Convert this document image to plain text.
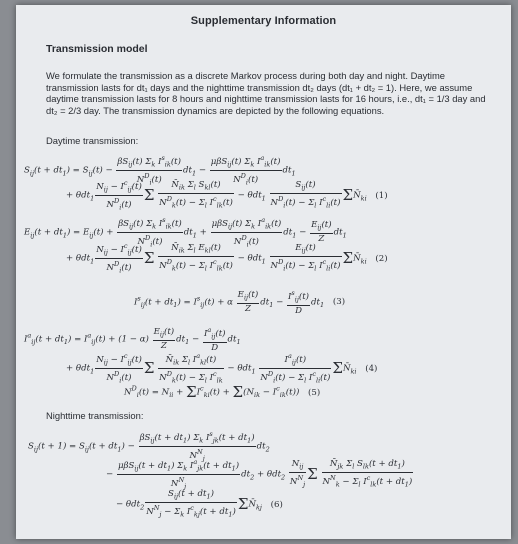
Supplementary Information
Transmission model
We formulate the transmission as a discrete Markov process during both day and night. Daytime transmission lasts for dt₁ days and the nighttime transmission dt₂ days (dt₁ + dt₂ = 1). Here, we assume daytime transmission lasts for 8 hours and nighttime transmission lasts for 16 hours, i.e., dt₁ = 1/3 day and dt₂ = 2/3 day. The transmission dynamics are depicted by the following equations.
Daytime transmission:
$S_{ij}(t + dt_1) = S_{ij}(t) - \frac{\beta S_{ij}(t) \Sigma_k I^s_{ik}(t)}{N^D_i(t)} dt_1 - \frac{\mu\beta S_{ij}(t) \Sigma_k I^a_{ik}(t)}{N^D_i(t)} dt_1$
+ $\theta dt_1 \frac{N_{ij} - I^c_{ij}(t)}{N^D_i(t)}$ Σ $\frac{N̄_{ik} \Sigma_l S_{kl}(t)}{N^D_k(t) - \Sigma_l I^c_{lk}(t)} - \theta dt_1 \frac{S_{ij}(t)}{N^D_i(t) - \Sigma_l I^c_{li}(t)}$ $\Sigma N̄_{ki}$ (1)
$E_{ij}(t + dt_1) = E_{ij}(t) + \frac{\beta S_{ij}(t) \Sigma_k I^s_{ik}(t)}{N^D_i(t)} dt_1 + \frac{\mu\beta S_{ij}(t) \Sigma_k I^a_{ik}(t)}{N^D_i(t)} dt_1 - \frac{E_{ij}(t)}{Z} dt_1$
+ $\theta dt_1 \frac{N_{ij} - I^c_{ij}(t)}{N^D_i(t)}$ Σ $\frac{N̄_{ik} \Sigma_l E_{kl}(t)}{N^D_k(t) - \Sigma_l I^c_{lk}(t)} - \theta dt_1 \frac{E_{ij}(t)}{N^D_i(t) - \Sigma_l I^c_{li}(t)}$ $\Sigma N̄_{ki}$ (2)
$I^s_{ij}(t + dt_1) = I^s_{ij}(t) + \alpha \frac{E_{ij}(t)}{Z} dt_1 - \frac{I^s_{ij}(t)}{D} dt_1$ (3)
$I^a_{ij}(t + dt_1) = I^a_{ij}(t) + (1 - \alpha) \frac{E_{ij}(t)}{Z} dt_1 - \frac{I^a_{ij}(t)}{D} dt_1$
+ $\theta dt_1 \frac{N_{ij} - I^c_{ij}(t)}{N^D_i(t)}$ Σ $\frac{N̄_{ik} \Sigma_l I^a_{kl}(t)}{N^D_k(t) - \Sigma_l I^c_{lk}} - \theta dt_1 \frac{I^a_{ij}(t)}{N^D_i(t) - \Sigma_l I^c_{li}(t)}$ $\Sigma N̄_{ki}$ (4)
$N^D_i(t) = N_{ii} + \Sigma I^c_{ki}(t) + \Sigma(N_{ik} - I^c_{ik}(t))$ (5)
Nighttime transmission:
$S_{ij}(t + 1) = S_{ij}(t + dt_1) - \frac{\beta S_{ij}(t + dt_1) \Sigma_k I^s_{jk}(t + dt_1)}{N^N_j} dt_2$
− $\frac{\mu\beta S_{ij}(t + dt_1) \Sigma_k I^a_{jk}(t + dt_1)}{N^N_j} dt_2 + \theta dt_2 \frac{N_{ij}}{N^N_j}$ Σ $\frac{N̄_{jk} \Sigma_l S_{lk}(t + dt_1)}{N^N_k - \Sigma_l I^c_{lk}(t + dt_1)}$
− $\theta dt_2 \frac{S_{ij}(t + dt_1)}{N^N_j - \Sigma_k I^c_{kj}(t + dt_1)}$ $\Sigma N̄_{kj}$ (6)
